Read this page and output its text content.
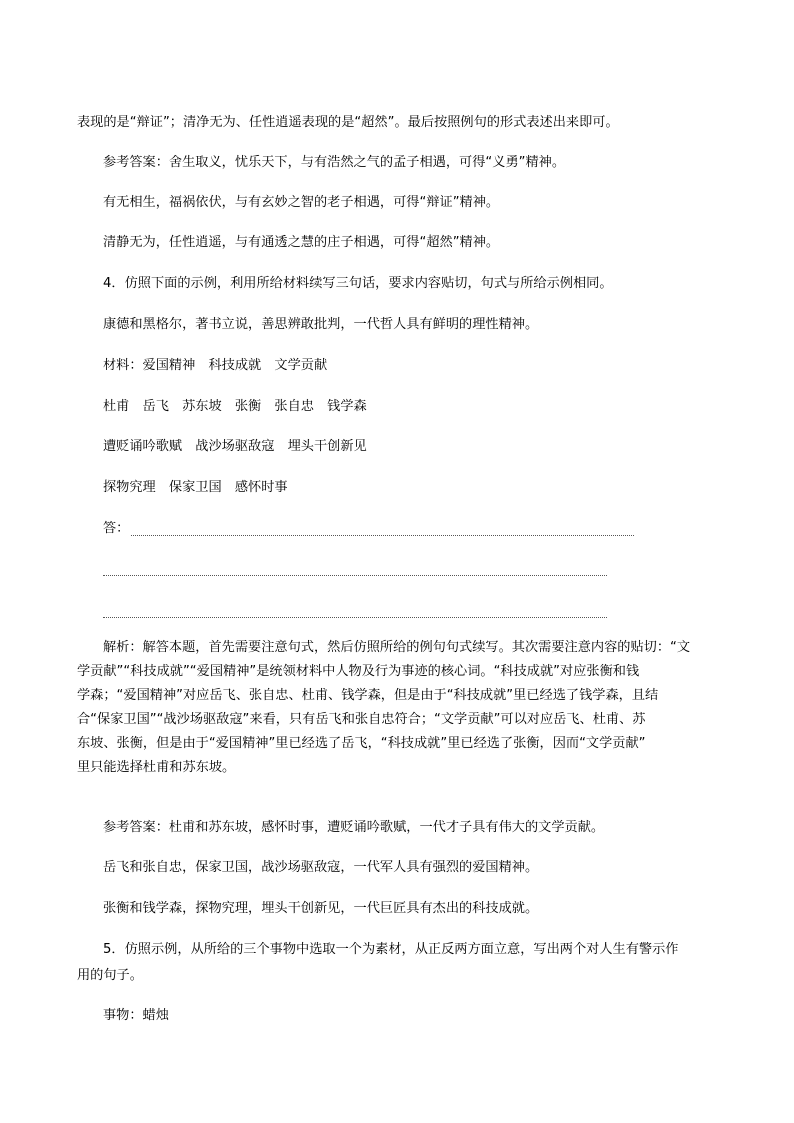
表现的是“辩证”；清净无为、任性逍遥表现的是“超然”。最后按照例句的形式表述出来即可。
参考答案：舍生取义，忧乐天下，与有浩然之气的孟子相遇，可得“义勇”精神。
有无相生，福祸依伏，与有玄妙之智的老子相遇，可得“辩证”精神。
清静无为，任性逍遥，与有通透之慧的庄子相遇，可得“超然”精神。
4．仿照下面的示例，利用所给材料续写三句话，要求内容贴切，句式与所给示例相同。
康德和黑格尔，著书立说，善思辨敢批判，一代哲人具有鲜明的理性精神。
材料：爱国精神　科技成就　文学贡献
杜甫　岳飞　苏东坡　张衡　张自忠　钱学森
遭贬诵吟歌赋　战沙场驱敌寇　埋头干创新见
探物究理　保家卫国　感怀时事
答：
解析：解答本题，首先需要注意句式，然后仿照所给的例句句式续写。其次需要注意内容的贴切：“文
学贡献”“科技成就”“爱国精神”是统领材料中人物及行为事迹的核心词。“科技成就”对应张衡和钱
学森；“爱国精神”对应岳飞、张自忠、杜甫、钱学森，但是由于“科技成就”里已经选了钱学森，且结
合“保家卫国”“战沙场驱敌寇”来看，只有岳飞和张自忠符合；“文学贡献”可以对应岳飞、杜甫、苏
东坡、张衡，但是由于“爱国精神”里已经选了岳飞，“科技成就”里已经选了张衡，因而“文学贡献”
里只能选择杜甫和苏东坡。
参考答案：杜甫和苏东坡，感怀时事，遭贬诵吟歌赋，一代才子具有伟大的文学贡献。
岳飞和张自忠，保家卫国，战沙场驱敌寇，一代军人具有强烈的爱国精神。
张衡和钱学森，探物究理，埋头干创新见，一代巨匠具有杰出的科技成就。
5．仿照示例，从所给的三个事物中选取一个为素材，从正反两方面立意，写出两个对人生有警示作
用的句子。
事物：蜡烛
